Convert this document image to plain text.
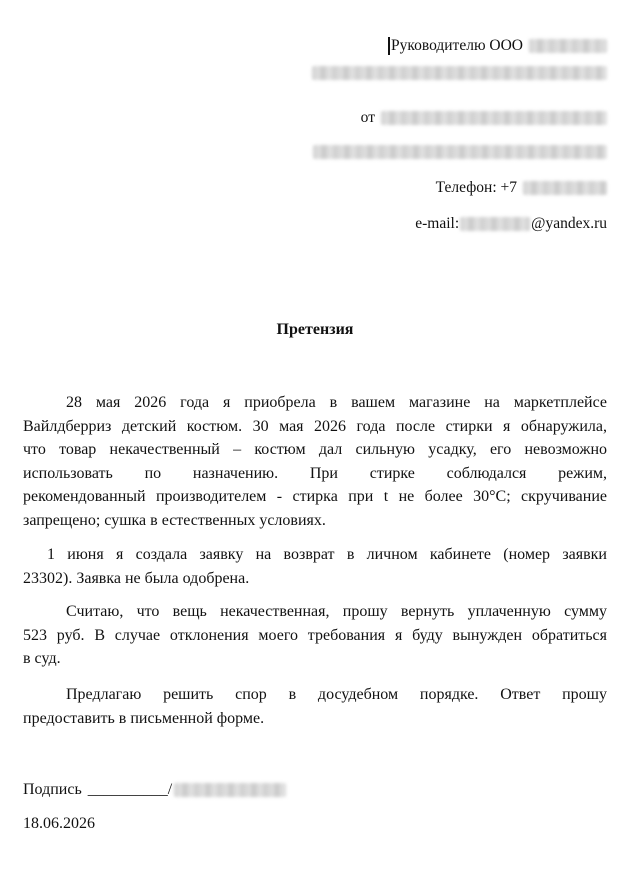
Руководителю ООО
от
Телефон: +7
e-mail:	@yandex.ru
Претензия
28 мая 2026 года я приобрела в вашем магазине на маркетплейсе
Вайлдберриз детский костюм. 30 мая 2026 года после стирки я обнаружила,
что товар некачественный – костюм дал сильную усадку, его невозможно
использовать по назначению. При стирке соблюдался режим,
рекомендованный производителем - стирка при t не более 30°С; скручивание
запрещено; сушка в естественных условиях.
1 июня я создала заявку на возврат в личном кабинете (номер заявки
23302). Заявка не была одобрена.
Считаю, что вещь некачественная, прошу вернуть уплаченную сумму
523 руб. В случае отклонения моего требования я буду вынужден обратиться
в суд.
Предлагаю решить спор в досудебном порядке. Ответ прошу
предоставить в письменной форме.
Подпись __________/
18.06.2026
